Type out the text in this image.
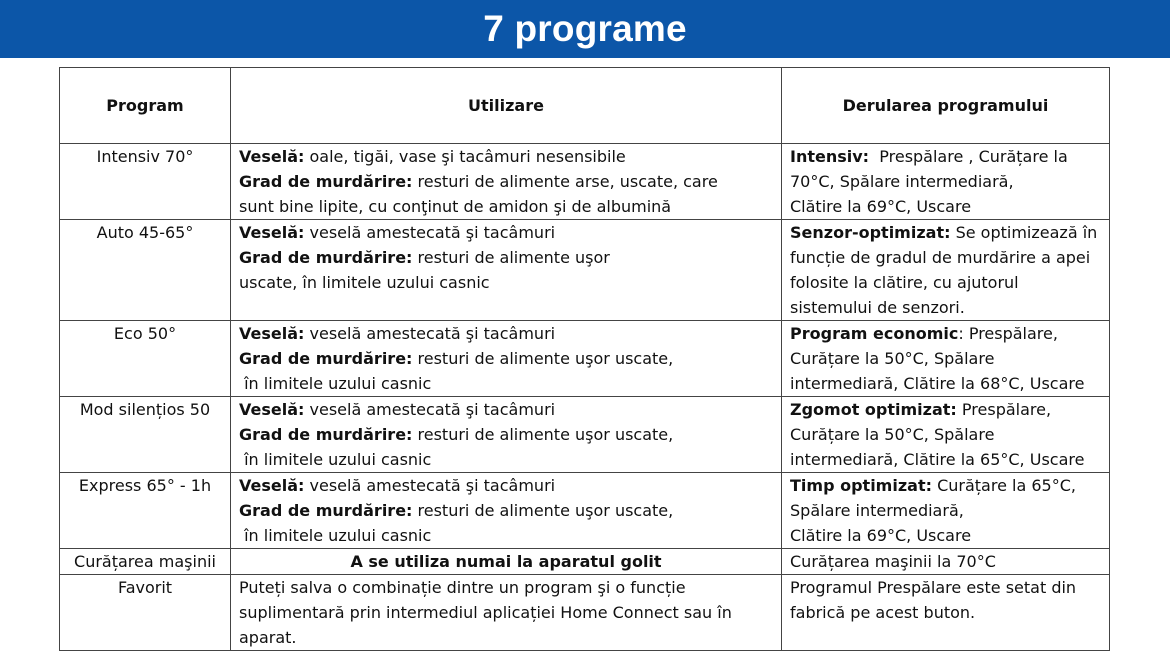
7 programe
Program	Utilizare	Derularea programului
Intensiv 70°	Veselă: oale, tigăi, vase şi tacâmuri nesensibile
Grad de murdărire: resturi de alimente arse, uscate, care
sunt bine lipite, cu conţinut de amidon şi de albumină	Intensiv:  Prespălare , Curățare la
70°C, Spălare intermediară,
Clătire la 69°C, Uscare

Auto 45-65°	Veselă: veselă amestecată şi tacâmuri
Grad de murdărire: resturi de alimente uşor
uscate, în limitele uzului casnic	Senzor-optimizat: Se optimizează în
funcție de gradul de murdărire a apei
folosite la clătire, cu ajutorul
sistemului de senzori.

Eco 50°	Veselă: veselă amestecată şi tacâmuri
Grad de murdărire: resturi de alimente uşor uscate,
în limitele uzului casnic	Program economic: Prespălare,
Curățare la 50°C, Spălare
intermediară, Clătire la 68°C, Uscare

Mod silențios 50	Veselă: veselă amestecată şi tacâmuri
Grad de murdărire: resturi de alimente uşor uscate,
în limitele uzului casnic	Zgomot optimizat: Prespălare,
Curățare la 50°C, Spălare
intermediară, Clătire la 65°C, Uscare

Express 65° - 1h	Veselă: veselă amestecată şi tacâmuri
Grad de murdărire: resturi de alimente uşor uscate,
în limitele uzului casnic	Timp optimizat: Curățare la 65°C,
Spălare intermediară,
Clătire la 69°C, Uscare

Curățarea maşinii	A se utiliza numai la aparatul golit	Curățarea maşinii la 70°C
Favorit	Puteți salva o combinație dintre un program şi o funcție
suplimentară prin intermediul aplicației Home Connect sau în
aparat.	Programul Prespălare este setat din
fabrică pe acest buton.
